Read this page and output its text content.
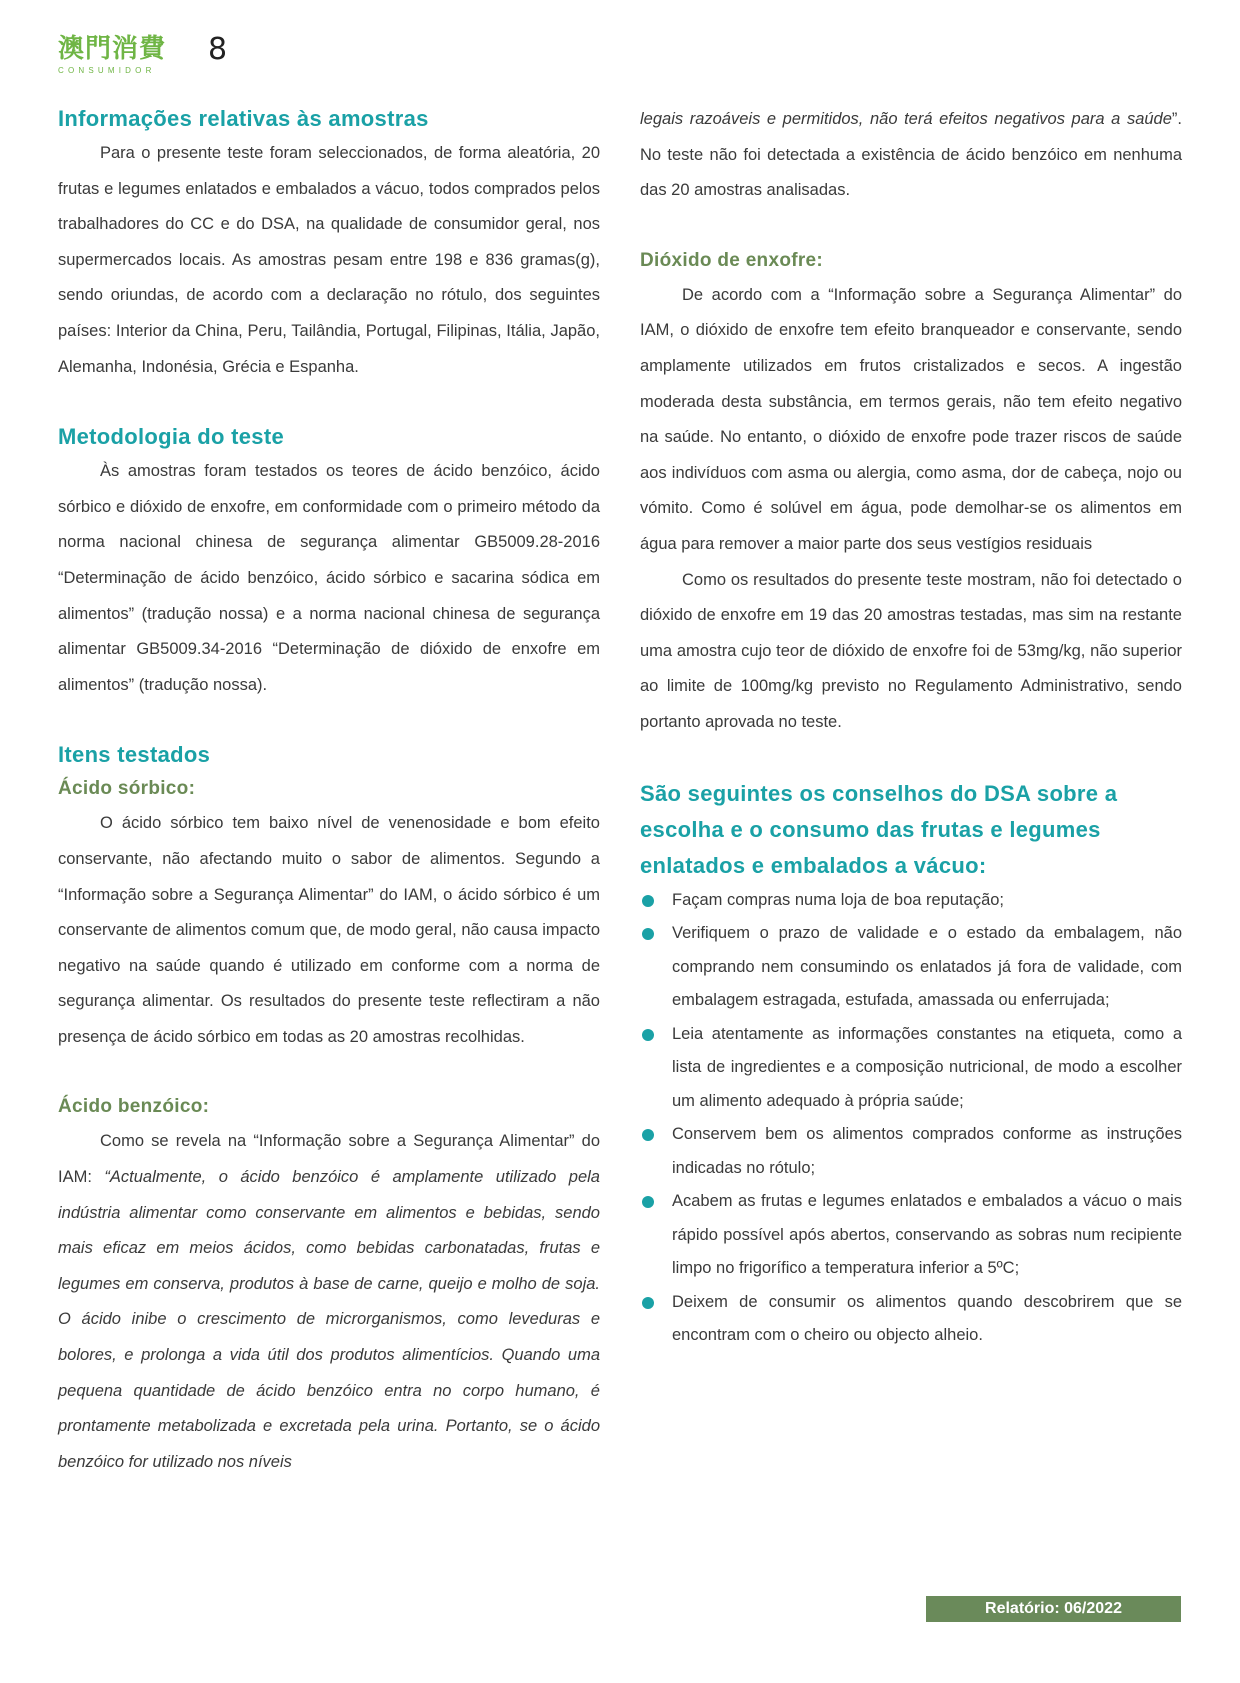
澳門消費
CONSUMIDOR
8
Informações relativas às amostras

Para o presente teste foram seleccionados, de forma aleatória, 20 frutas e legumes enlatados e embalados a vácuo, todos comprados pelos trabalhadores do CC e do DSA, na qualidade de consumidor geral, nos supermercados locais. As amostras pesam entre 198 e 836 gramas(g), sendo oriundas, de acordo com a declaração no rótulo, dos seguintes países: Interior da China, Peru, Tailândia, Portugal, Filipinas, Itália, Japão, Alemanha, Indonésia, Grécia e Espanha.

Metodologia do teste

Às amostras foram testados os teores de ácido benzóico, ácido sórbico e dióxido de enxofre, em conformidade com o primeiro método da norma nacional chinesa de segurança alimentar GB5009.28-2016 “Determinação de ácido benzóico, ácido sórbico e sacarina sódica em alimentos” (tradução nossa) e a norma nacional chinesa de segurança alimentar GB5009.34-2016 “Determinação de dióxido de enxofre em alimentos” (tradução nossa).

Itens testados
Ácido sórbico:

O ácido sórbico tem baixo nível de venenosidade e bom efeito conservante, não afectando muito o sabor de alimentos. Segundo a “Informação sobre a Segurança Alimentar” do IAM, o ácido sórbico é um conservante de alimentos comum que, de modo geral, não causa impacto negativo na saúde quando é utilizado em conforme com a norma de segurança alimentar. Os resultados do presente teste reflectiram a não presença de ácido sórbico em todas as 20 amostras recolhidas.

Ácido benzóico:

Como se revela na “Informação sobre a Segurança Alimentar” do IAM: “Actualmente, o ácido benzóico é amplamente utilizado pela indústria alimentar como conservante em alimentos e bebidas, sendo mais eficaz em meios ácidos, como bebidas carbonatadas, frutas e legumes em conserva, produtos à base de carne, queijo e molho de soja. O ácido inibe o crescimento de microrganismos, como leveduras e bolores, e prolonga a vida útil dos produtos alimentícios. Quando uma pequena quantidade de ácido benzóico entra no corpo humano, é prontamente metabolizada e excretada pela urina. Portanto, se o ácido benzóico for utilizado nos níveis

legais razoáveis e permitidos, não terá efeitos negativos para a saúde”. No teste não foi detectada a existência de ácido benzóico em nenhuma das 20 amostras analisadas.

Dióxido de enxofre:

De acordo com a “Informação sobre a Segurança Alimentar” do IAM, o dióxido de enxofre tem efeito branqueador e conservante, sendo amplamente utilizados em frutos cristalizados e secos. A ingestão moderada desta substância, em termos gerais, não tem efeito negativo na saúde. No entanto, o dióxido de enxofre pode trazer riscos de saúde aos indivíduos com asma ou alergia, como asma, dor de cabeça, nojo ou vómito. Como é solúvel em água, pode demolhar-se os alimentos em água para remover a maior parte dos seus vestígios residuais

Como os resultados do presente teste mostram, não foi detectado o dióxido de enxofre em 19 das 20 amostras testadas, mas sim na restante uma amostra cujo teor de dióxido de enxofre foi de 53mg/kg, não superior ao limite de 100mg/kg previsto no Regulamento Administrativo, sendo portanto aprovada no teste.

São seguintes os conselhos do DSA sobre a escolha e o consumo das frutas e legumes enlatados e embalados a vácuo:
Façam compras numa loja de boa reputação;
Verifiquem o prazo de validade e o estado da embalagem, não comprando nem consumindo os enlatados já fora de validade, com embalagem estragada, estufada, amassada ou enferrujada;
Leia atentamente as informações constantes na etiqueta, como a lista de ingredientes e a composição nutricional, de modo a escolher um alimento adequado à própria saúde;
Conservem bem os alimentos comprados conforme as instruções indicadas no rótulo;
Acabem as frutas e legumes enlatados e embalados a vácuo o mais rápido possível após abertos, conservando as sobras num recipiente limpo no frigorífico a temperatura inferior a 5ºC;
Deixem de consumir os alimentos quando descobrirem que se encontram com o cheiro ou objecto alheio.
Relatório: 06/2022
